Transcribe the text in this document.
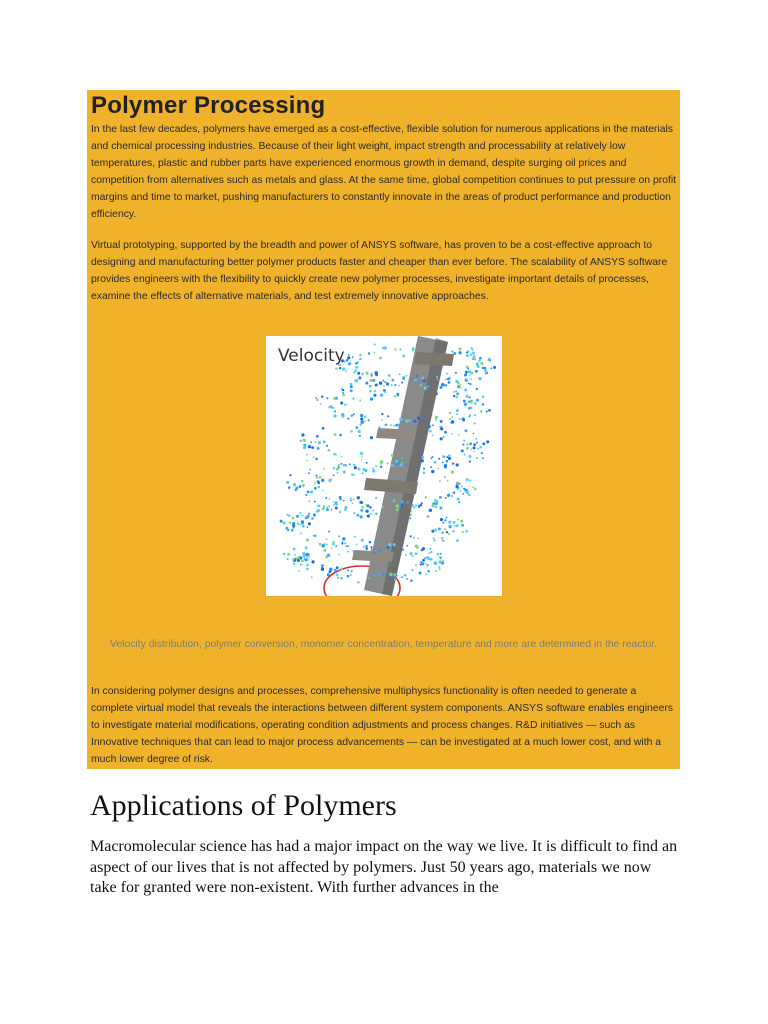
Polymer Processing
In the last few decades, polymers have emerged as a cost-effective, flexible solution for numerous applications in the materials and chemical processing industries. Because of their light weight, impact strength and processability at relatively low temperatures, plastic and rubber parts have experienced enormous growth in demand, despite surging oil prices and competition from alternatives such as metals and glass. At the same time, global competition continues to put pressure on profit margins and time to market, pushing manufacturers to constantly innovate in the areas of product performance and production efficiency.
Virtual prototyping, supported by the breadth and power of ANSYS software, has proven to be a cost-effective approach to designing and manufacturing better polymer products faster and cheaper than ever before. The scalability of ANSYS software provides engineers with the flexibility to quickly create new polymer processes, investigate important details of processes, examine the effects of alternative materials, and test extremely innovative approaches.
Velocity
Velocity distribution, polymer conversion, monomer concentration, temperature and more are determined in the reactor.
In considering polymer designs and processes, comprehensive multiphysics functionality is often needed to generate a complete virtual model that reveals the interactions between different system components. ANSYS software enables engineers to investigate material modifications, operating condition adjustments and process changes. R&D initiatives — such as Innovative techniques that can lead to major process advancements — can be investigated at a much lower cost, and with a much lower degree of risk.
Applications of Polymers
Macromolecular science has had a major impact on the way we live. It is difficult to find an aspect of our lives that is not affected by polymers. Just 50 years ago, materials we now take for granted were non-existent. With further advances in the
